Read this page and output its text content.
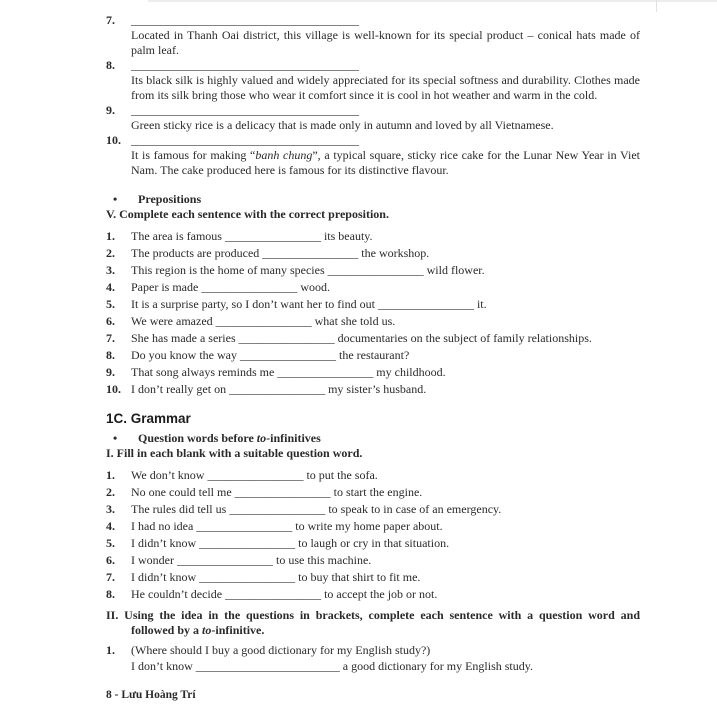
7.	______________________________________
Located in Thanh Oai district, this village is well-known for its special product – conical hats made of palm leaf.
8.	______________________________________
Its black silk is highly valued and widely appreciated for its special softness and durability. Clothes made from its silk bring those who wear it comfort since it is cool in hot weather and warm in the cold.
9.	______________________________________
Green sticky rice is a delicacy that is made only in autumn and loved by all Vietnamese.
10. ______________________________________
It is famous for making “banh chung”, a typical square, sticky rice cake for the Lunar New Year in Viet Nam. The cake produced here is famous for its distinctive flavour.
•	Prepositions
V. Complete each sentence with the correct preposition.
1.	The area is famous ________________ its beauty.
2.	The products are produced ________________ the workshop.
3.	This region is the home of many species ________________ wild flower.
4.	Paper is made ________________ wood.
5.	It is a surprise party, so I don’t want her to find out ________________ it.
6.	We were amazed ________________ what she told us.
7.	She has made a series ________________ documentaries on the subject of family relationships.
8.	Do you know the way ________________ the restaurant?
9.	That song always reminds me ________________ my childhood.
10. I don’t really get on ________________ my sister’s husband.
1C. Grammar
•	Question words before to-infinitives
I. Fill in each blank with a suitable question word.
1.	We don’t know ________________ to put the sofa.
2.	No one could tell me ________________ to start the engine.
3.	The rules did tell us ________________ to speak to in case of an emergency.
4.	I had no idea ________________ to write my home paper about.
5.	I didn’t know ________________ to laugh or cry in that situation.
6.	I wonder ________________ to use this machine.
7.	I didn’t know ________________ to buy that shirt to fit me.
8.	He couldn’t decide ________________ to accept the job or not.
II. Using the idea in the questions in brackets, complete each sentence with a question word and followed by a to-infinitive.
1.	(Where should I buy a good dictionary for my English study?)
I don’t know ________________________ a good dictionary for my English study.
8 - Lưu Hoàng Trí
